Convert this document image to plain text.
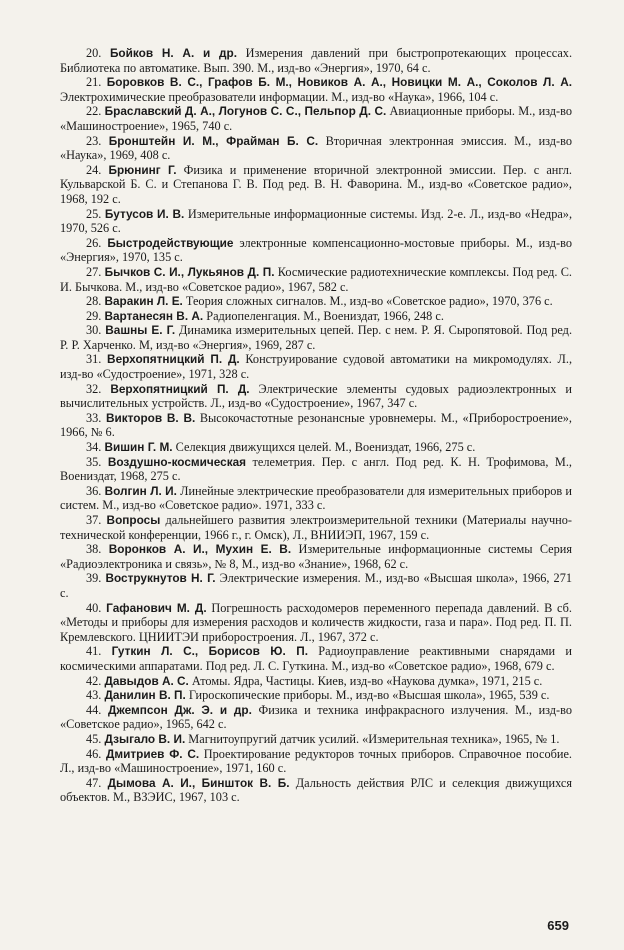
20. Бойков Н. А. и др. Измерения давлений при быстропротекающих процессах. Библиотека по автоматике. Вып. 390. М., изд-во «Энергия», 1970, 64 с.

21. Боровков В. С., Графов Б. М., Новиков А. А., Новицки М. А., Соколов Л. А. Электрохимические преобразователи информации. М., изд-во «Наука», 1966, 104 с.

22. Браславский Д. А., Логунов С. С., Пельпор Д. С. Авиационные приборы. М., изд-во «Машиностроение», 1965, 740 с.

23. Бронштейн И. М., Фрайман Б. С. Вторичная электронная эмиссия. М., изд-во «Наука», 1969, 408 с.

24. Брюнинг Г. Физика и применение вторичной электронной эмиссии. Пер. с англ. Кульварской Б. С. и Степанова Г. В. Под ред. В. Н. Фаворина. М., изд-во «Советское радио», 1968, 192 с.

25. Бутусов И. В. Измерительные информационные системы. Изд. 2-е. Л., изд-во «Недра», 1970, 526 с.

26. Быстродействующие электронные компенсационно-мостовые приборы. М., изд-во «Энергия», 1970, 135 с.

27. Бычков С. И., Лукьянов Д. П. Космические радиотехнические комплексы. Под ред. С. И. Бычкова. М., изд-во «Советское радио», 1967, 582 с.

28. Варакин Л. Е. Теория сложных сигналов. М., изд-во «Советское радио», 1970, 376 с.

29. Вартанесян В. А. Радиопеленгация. М., Воениздат, 1966, 248 с.

30. Вашны Е. Г. Динамика измерительных цепей. Пер. с нем. Р. Я. Сыропятовой. Под ред. Р. Р. Харченко. М, изд-во «Энергия», 1969, 287 с.

31. Верхопятницкий П. Д. Конструирование судовой автоматики на микромодулях. Л., изд-во «Судостроение», 1971, 328 с.

32. Верхопятницкий П. Д. Электрические элементы судовых радиоэлектронных и вычислительных устройств. Л., изд-во «Судостроение», 1967, 347 с.

33. Викторов В. В. Высокочастотные резонансные уровнемеры. М., «Приборостроение», 1966, № 6.

34. Вишин Г. М. Селекция движущихся целей. М., Воениздат, 1966, 275 с.

35. Воздушно-космическая телеметрия. Пер. с англ. Под ред. К. Н. Трофимова, М., Воениздат, 1968, 275 с.

36. Волгин Л. И. Линейные электрические преобразователи для измерительных приборов и систем. М., изд-во «Советское радио». 1971, 333 с.

37. Вопросы дальнейшего развития электроизмерительной техники (Материалы научно-технической конференции, 1966 г., г. Омск), Л., ВНИИЭП, 1967, 159 с.

38. Воронков А. И., Мухин Е. В. Измерительные информационные системы Серия «Радиоэлектроника и связь», № 8, М., изд-во «Знание», 1968, 62 с.

39. Вострукнутов Н. Г. Электрические измерения. М., изд-во «Высшая школа», 1966, 271 с.

40. Гафанович М. Д. Погрешность расходомеров переменного перепада давлений. В сб. «Методы и приборы для измерения расходов и количеств жидкости, газа и пара». Под ред. П. П. Кремлевского. ЦНИИТЭИ приборостроения. Л., 1967, 372 с.

41. Гуткин Л. С., Борисов Ю. П. Радиоуправление реактивными снарядами и космическими аппаратами. Под ред. Л. С. Гуткина. М., изд-во «Советское радио», 1968, 679 с.

42. Давыдов А. С. Атомы. Ядра, Частицы. Киев, изд-во «Наукова думка», 1971, 215 с.

43. Данилин В. П. Гироскопические приборы. М., изд-во «Высшая школа», 1965, 539 с.

44. Джемпсон Дж. Э. и др. Физика и техника инфракрасного излучения. М., изд-во «Советское радио», 1965, 642 с.

45. Дзыгало В. И. Магнитоупругий датчик усилий. «Измерительная техника», 1965, № 1.

46. Дмитриев Ф. С. Проектирование редукторов точных приборов. Справочное пособие. Л., изд-во «Машиностроение», 1971, 160 с.

47. Дымова А. И., Биншток В. Б. Дальность действия РЛС и селекция движущихся объектов. М., ВЗЭИС, 1967, 103 с.

659
